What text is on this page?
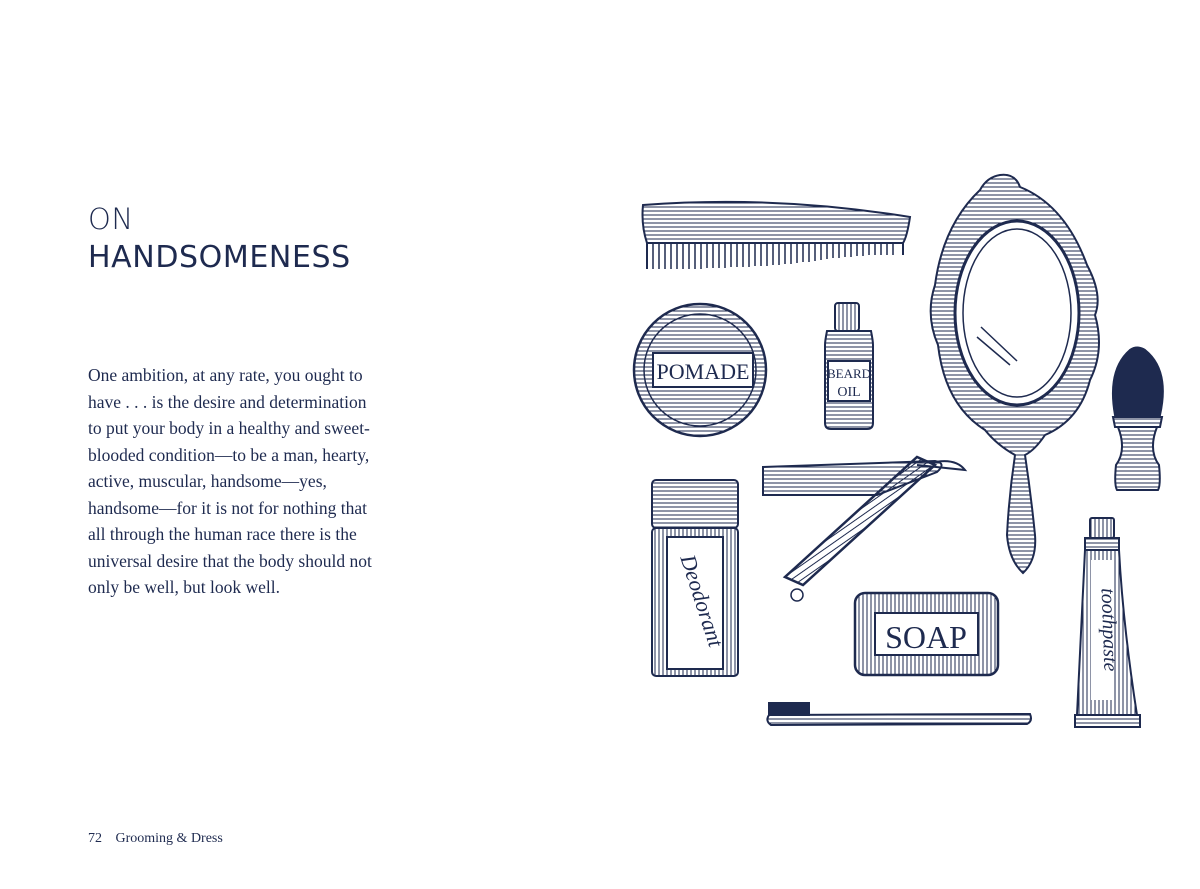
ON
HANDSOMENESS
One ambition, at any rate, you ought to
have . . . is the desire and determination
to put your body in a healthy and sweet-
blooded condition—to be a man, hearty,
active, muscular, handsome—yes,
handsome—for it is not for nothing that
all through the human race there is the
universal desire that the body should not
only be well, but look well.
72 Grooming & Dress
POMADE	BEARD
OIL
Deodorant	SOAP	toothpaste
